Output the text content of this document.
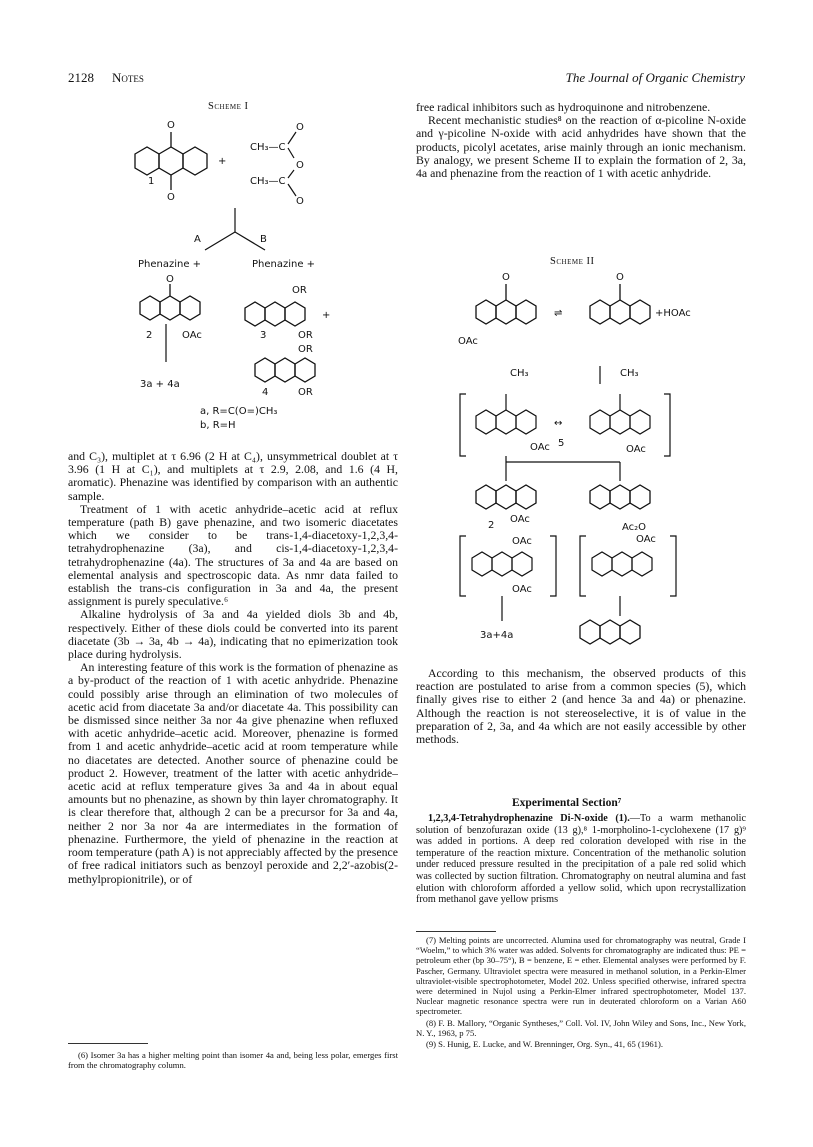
2128 Notes	The Journal of Organic Chemistry
Scheme I
O
O
1
+
CH₃—C
CH₃—C
O
O
O
A	B
Phenazine +	Phenazine +
O
2	OAc
3a + 4a
OR
OR
3
+
OR
4	OR
a, R=C(O=)CH₃
b, R=H

and C₃), multiplet at τ 6.96 (2 H at C₄), unsymmetrical doublet at τ 3.96 (1 H at C₁), and multiplets at τ 2.9, 2.08, and 1.6 (4 H, aromatic). Phenazine was identified by comparison with an authentic sample.

Treatment of 1 with acetic anhydride–acetic acid at reflux temperature (path B) gave phenazine, and two isomeric diacetates which we consider to be trans-1,4-diacetoxy-1,2,3,4-tetrahydrophenazine (3a), and cis-1,4-diacetoxy-1,2,3,4-tetrahydrophenazine (4a). The structures of 3a and 4a are based on elemental analysis and spectroscopic data. As nmr data failed to establish the trans-cis configuration in 3a and 4a, the present assignment is purely speculative.⁶

Alkaline hydrolysis of 3a and 4a yielded diols 3b and 4b, respectively. Either of these diols could be converted into its parent diacetate (3b → 3a, 4b → 4a), indicating that no epimerization took place during hydrolysis.

An interesting feature of this work is the formation of phenazine as a by-product of the reaction of 1 with acetic anhydride. Phenazine could possibly arise through an elimination of two molecules of acetic acid from diacetate 3a and/or diacetate 4a. This possibility can be dismissed since neither 3a nor 4a give phenazine when refluxed with acetic anhydride–acetic acid. Moreover, phenazine is formed from 1 and acetic anhydride–acetic acid at room temperature while no diacetates are detected. Another source of phenazine could be product 2. However, treatment of the latter with acetic anhydride–acetic acid at reflux temperature gives 3a and 4a in about equal amounts but no phenazine, as shown by thin layer chromatography. It is clear therefore that, although 2 can be a precursor for 3a and 4a, neither 2 nor 3a nor 4a are intermediates in the formation of phenazine. Furthermore, the yield of phenazine in the reaction at room temperature (path A) is not appreciably affected by the presence of free radical initiators such as benzoyl peroxide and 2,2′-azobis(2-methylpropionitrile), or of

(6) Isomer 3a has a higher melting point than isomer 4a and, being less polar, emerges first from the chromatography column.

free radical inhibitors such as hydroquinone and nitrobenzene.

Recent mechanistic studies⁸ on the reaction of α-picoline N-oxide and γ-picoline N-oxide with acid anhydrides have shown that the products, picolyl acetates, arise mainly through an ionic mechanism. By analogy, we present Scheme II to explain the formation of 2, 3a, 4a and phenazine from the reaction of 1 with acetic anhydride.

Scheme II
O	O
⇌	+HOAc
OAc
CH₃	CH₃
↔
OAc 5
OAc
OAc
2	Ac₂O
OAc	OAc
OAc
3a+4a

According to this mechanism, the observed products of this reaction are postulated to arise from a common species (5), which finally gives rise to either 2 (and hence 3a and 4a) or phenazine. Although the reaction is not stereoselective, it is of value in the preparation of 2, 3a, and 4a which are not easily accessible by other methods.

Experimental Section⁷

1,2,3,4-Tetrahydrophenazine Di-N-oxide (1).—To a warm methanolic solution of benzofurazan oxide (13 g),⁸ 1-morpholino-1-cyclohexene (17 g)⁹ was added in portions. A deep red coloration developed with rise in the temperature of the reaction mixture. Concentration of the methanolic solution under reduced pressure resulted in the precipitation of a pale red solid which was collected by suction filtration. Chromatography on neutral alumina and fast elution with chloroform afforded a yellow solid, which upon recrystallization from methanol gave yellow prisms

(7) Melting points are uncorrected. Alumina used for chromatography was neutral, Grade I “Woelm,” to which 3% water was added. Solvents for chromatography are indicated thus: PE = petroleum ether (bp 30–75°), B = benzene, E = ether. Elemental analyses were performed by F. Pascher, Germany. Ultraviolet spectra were measured in methanol solution, in a Perkin-Elmer ultraviolet-visible spectrophotometer, Model 202. Unless specified otherwise, infrared spectra were determined in Nujol using a Perkin-Elmer infrared spectrophotometer, Model 137. Nuclear magnetic resonance spectra were run in deuterated chloroform on a Varian A60 spectrometer.

(8) F. B. Mallory, “Organic Syntheses,” Coll. Vol. IV, John Wiley and Sons, Inc., New York, N. Y., 1963, p 75.

(9) S. Hunig, E. Lucke, and W. Brenninger, Org. Syn., 41, 65 (1961).
